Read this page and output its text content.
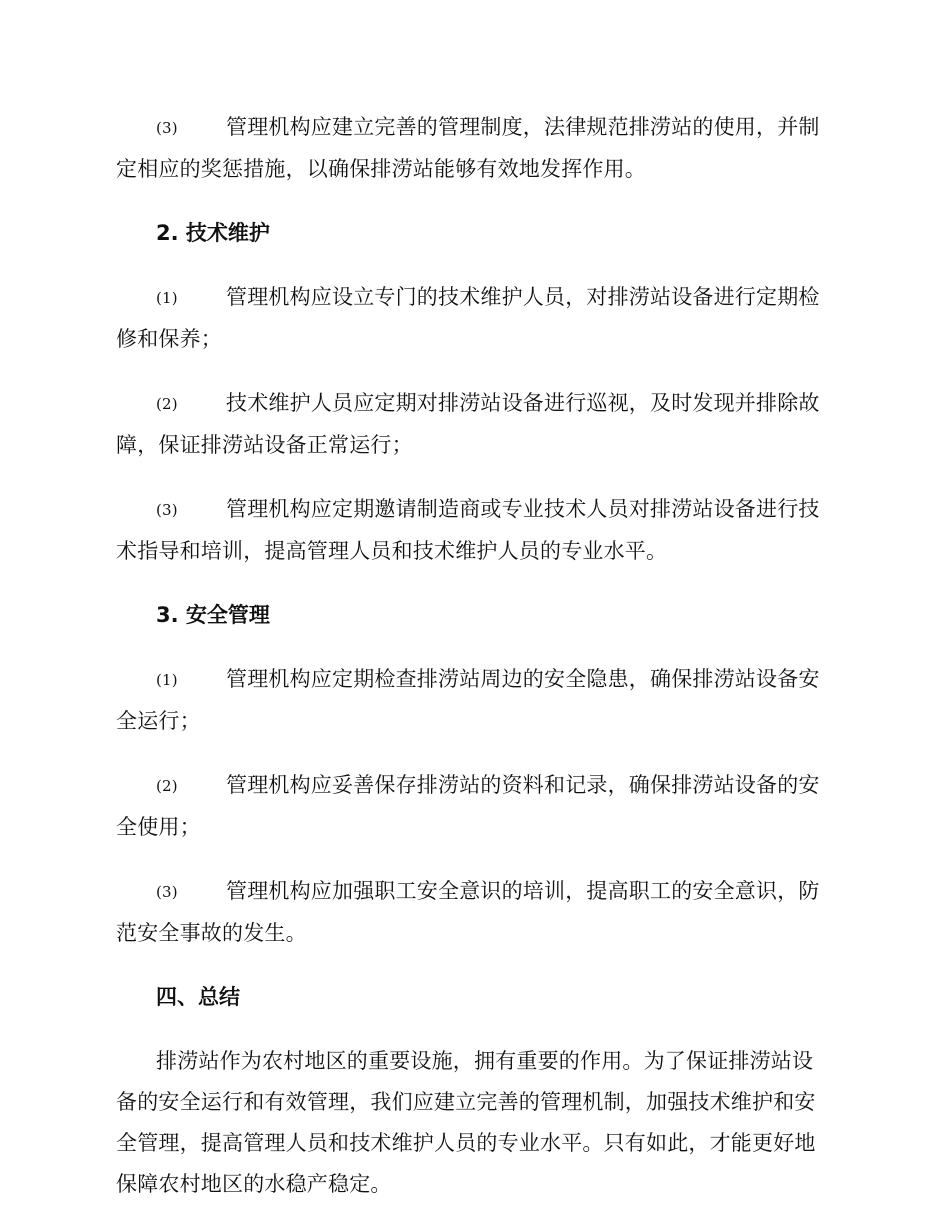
(3) 管理机构应建立完善的管理制度，法律规范排涝站的使用，并制定相应的奖惩措施，以确保排涝站能够有效地发挥作用。

2. 技术维护

(1) 管理机构应设立专门的技术维护人员，对排涝站设备进行定期检修和保养；

(2) 技术维护人员应定期对排涝站设备进行巡视，及时发现并排除故障，保证排涝站设备正常运行；

(3) 管理机构应定期邀请制造商或专业技术人员对排涝站设备进行技术指导和培训，提高管理人员和技术维护人员的专业水平。

3. 安全管理

(1) 管理机构应定期检查排涝站周边的安全隐患，确保排涝站设备安全运行；

(2) 管理机构应妥善保存排涝站的资料和记录，确保排涝站设备的安全使用；

(3) 管理机构应加强职工安全意识的培训，提高职工的安全意识，防范安全事故的发生。

四、总结

排涝站作为农村地区的重要设施，拥有重要的作用。为了保证排涝站设备的安全运行和有效管理，我们应建立完善的管理机制，加强技术维护和安全管理，提高管理人员和技术维护人员的专业水平。只有如此，才能更好地保障农村地区的水稳产稳定。
